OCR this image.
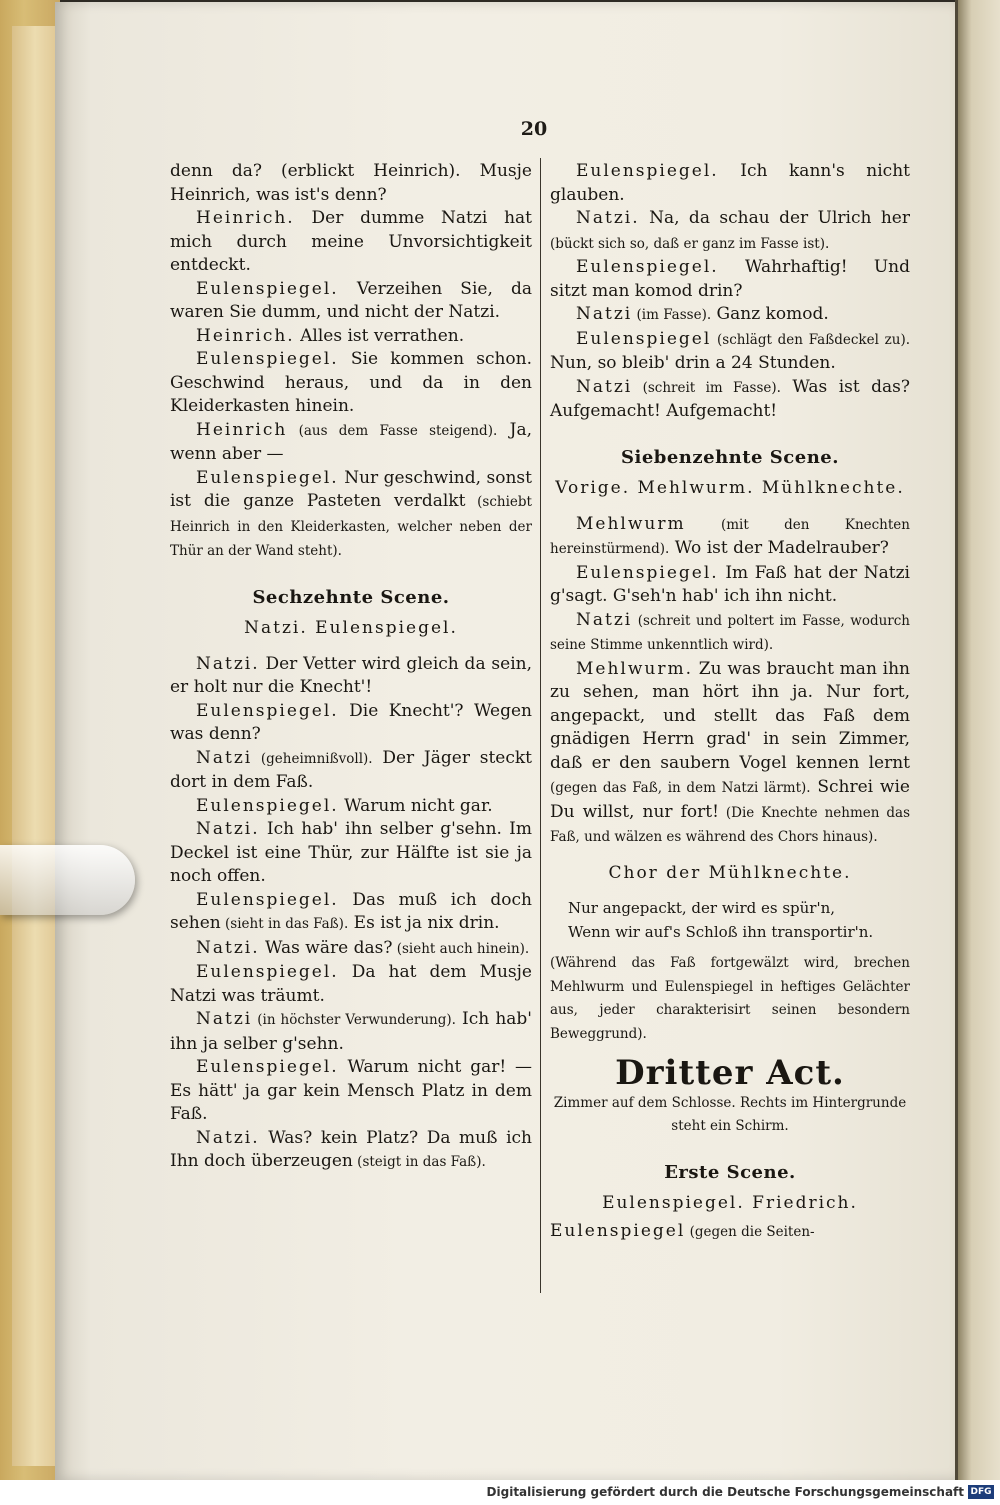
20

denn da? (erblickt Heinrich). Musje Heinrich, was ist's denn?

Heinrich. Der dumme Natzi hat mich durch meine Unvorsichtigkeit entdeckt.

Eulenspiegel. Verzeihen Sie, da waren Sie dumm, und nicht der Natzi.

Heinrich. Alles ist verrathen.

Eulenspiegel. Sie kommen schon. Geschwind heraus, und da in den Kleiderkasten hinein.

Heinrich (aus dem Fasse steigend). Ja, wenn aber —

Eulenspiegel. Nur geschwind, sonst ist die ganze Pasteten verdalkt (schiebt Heinrich in den Kleiderkasten, welcher neben der Thür an der Wand steht).

Sechzehnte Scene.
Natzi. Eulenspiegel.

Natzi. Der Vetter wird gleich da sein, er holt nur die Knecht'!

Eulenspiegel. Die Knecht'? Wegen was denn?

Natzi (geheimnißvoll). Der Jäger steckt dort in dem Faß.

Eulenspiegel. Warum nicht gar.

Natzi. Ich hab' ihn selber g'sehn. Im Deckel ist eine Thür, zur Hälfte ist sie ja noch offen.

Eulenspiegel. Das muß ich doch sehen (sieht in das Faß). Es ist ja nix drin.

Natzi. Was wäre das? (sieht auch hinein).

Eulenspiegel. Da hat dem Musje Natzi was träumt.

Natzi (in höchster Verwunderung). Ich hab' ihn ja selber g'sehn.

Eulenspiegel. Warum nicht gar! — Es hätt' ja gar kein Mensch Platz in dem Faß.

Natzi. Was? kein Platz? Da muß ich Ihn doch überzeugen (steigt in das Faß).

Eulenspiegel. Ich kann's nicht glauben.

Natzi. Na, da schau der Ulrich her (bückt sich so, daß er ganz im Fasse ist).

Eulenspiegel. Wahrhaftig! Und sitzt man komod drin?

Natzi (im Fasse). Ganz komod.

Eulenspiegel (schlägt den Faßdeckel zu). Nun, so bleib' drin a 24 Stunden.

Natzi (schreit im Fasse). Was ist das? Aufgemacht! Aufgemacht!

Siebenzehnte Scene.
Vorige. Mehlwurm. Mühlknechte.

Mehlwurm (mit den Knechten hereinstürmend). Wo ist der Madelrauber?

Eulenspiegel. Im Faß hat der Natzi g'sagt. G'seh'n hab' ich ihn nicht.

Natzi (schreit und poltert im Fasse, wodurch seine Stimme unkenntlich wird).

Mehlwurm. Zu was braucht man ihn zu sehen, man hört ihn ja. Nur fort, angepackt, und stellt das Faß dem gnädigen Herrn grad' in sein Zimmer, daß er den saubern Vogel kennen lernt (gegen das Faß, in dem Natzi lärmt). Schrei wie Du willst, nur fort! (Die Knechte nehmen das Faß, und wälzen es während des Chors hinaus).

Chor der Mühlknechte.
Nur angepackt, der wird es spür'n,
Wenn wir auf's Schloß ihn transportir'n.

(Während das Faß fortgewälzt wird, brechen Mehlwurm und Eulenspiegel in heftiges Gelächter aus, jeder charakterisirt seinen besondern Beweggrund).

Dritter Act.

Zimmer auf dem Schlosse. Rechts im Hintergrunde steht ein Schirm.

Erste Scene.
Eulenspiegel. Friedrich.

Eulenspiegel (gegen die Seiten-

Digitalisierung gefördert durch die Deutsche Forschungsgemeinschaft DFG
